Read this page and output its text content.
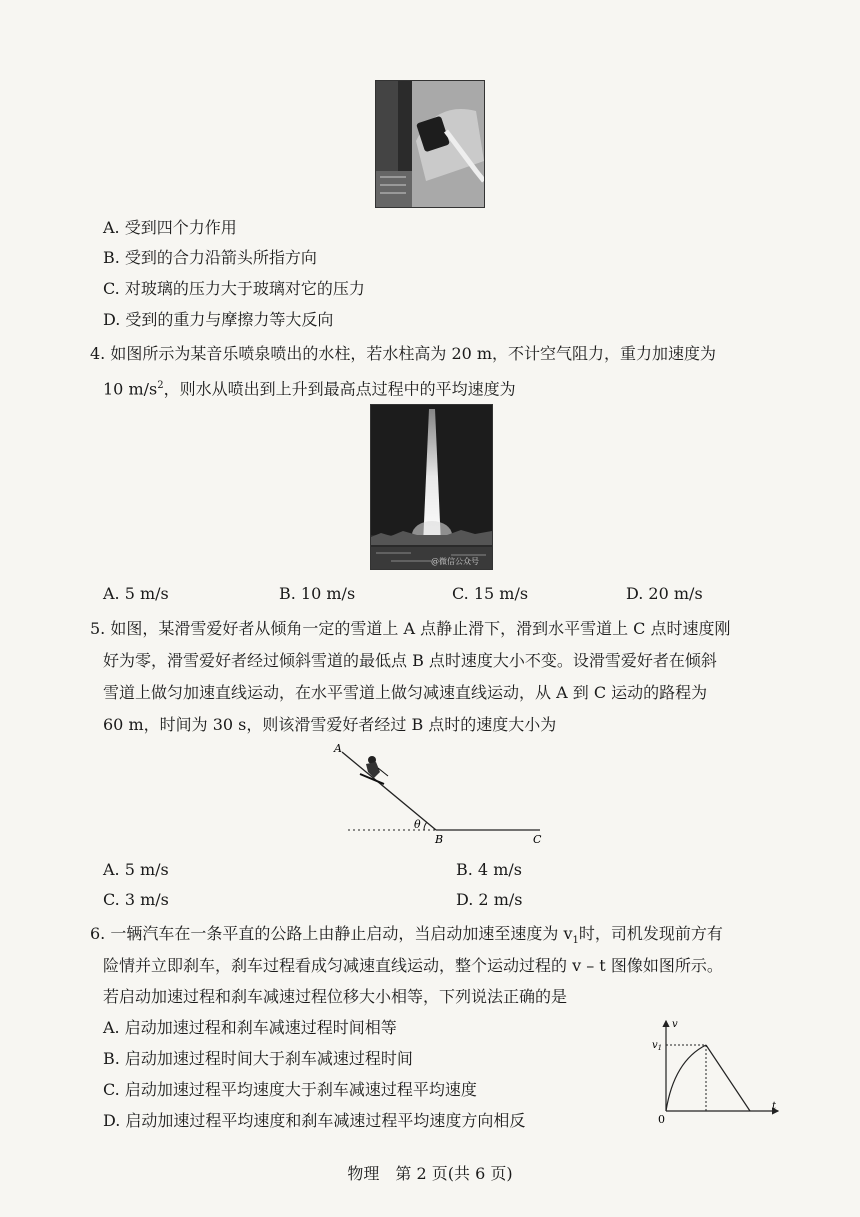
A. 受到四个力作用
B. 受到的合力沿箭头所指方向
C. 对玻璃的压力大于玻璃对它的压力
D. 受到的重力与摩擦力等大反向
4. 如图所示为某音乐喷泉喷出的水柱，若水柱高为 20 m，不计空气阻力，重力加速度为
10 $m/s^2$，则水从喷出到上升到最高点过程中的平均速度为
@微信公众号
A. 5 m/s	B. 10 m/s	C. 15 m/s	D. 20 m/s
5. 如图，某滑雪爱好者从倾角一定的雪道上 A 点静止滑下，滑到水平雪道上 C 点时速度刚
好为零，滑雪爱好者经过倾斜雪道的最低点 B 点时速度大小不变。设滑雪爱好者在倾斜
雪道上做匀加速直线运动，在水平雪道上做匀减速直线运动，从 A 到 C 运动的路程为
60 m，时间为 30 s，则该滑雪爱好者经过 B 点时的速度大小为
A
B	C
θ
A. 5 m/s	B. 4 m/s
C. 3 m/s	D. 2 m/s
6. 一辆汽车在一条平直的公路上由静止启动，当启动加速至速度为 $v_1$时，司机发现前方有
险情并立即刹车，刹车过程看成匀减速直线运动，整个运动过程的 v – t 图像如图所示。
若启动加速过程和刹车减速过程位移大小相等，下列说法正确的是
A. 启动加速过程和刹车减速过程时间相等
B. 启动加速过程时间大于刹车减速过程时间
C. 启动加速过程平均速度大于刹车减速过程平均速度
D. 启动加速过程平均速度和刹车减速过程平均速度方向相反
v
$v_1$
t
0
物理　第 2 页(共 6 页)
